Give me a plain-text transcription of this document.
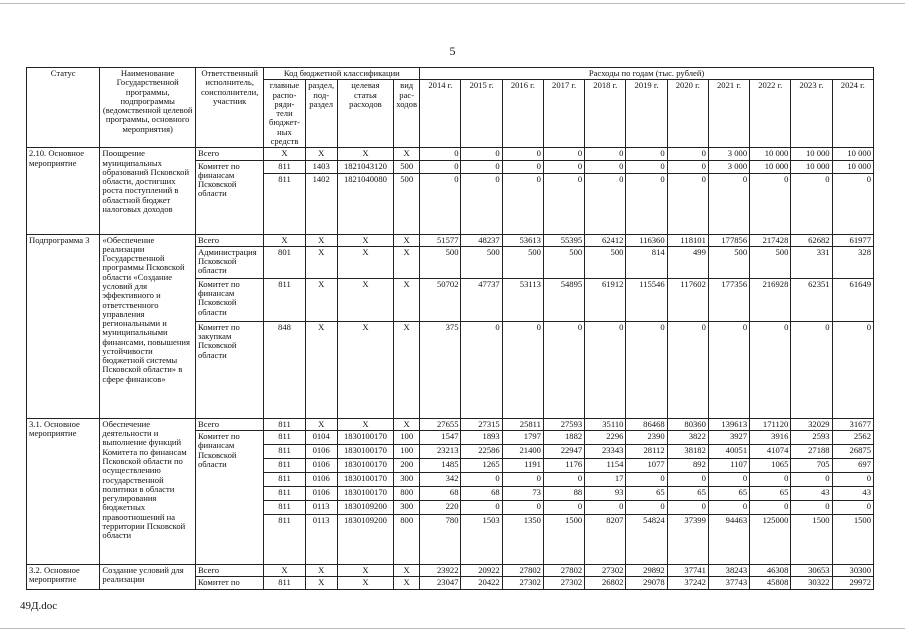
5
Статус	Наименование Государственной программы, подпрограммы (ведомственной целевой программы, основного мероприятия)	Ответственный исполнитель, соисполнители, участник	Код бюджетной классификации				Расходы по годам (тыс. рублей)										
			главные распо-ряди-тели бюджет-ных средств	раздел, под-раздел	целевая статья расходов	вид рас-ходов	2014 г.	2015 г.	2016 г.	2017 г.	2018 г.	2019 г.	2020 г.	2021 г.	2022 г.	2023 г.	2024 г.
2.10. Основное мероприятие	Поощрение муниципальных образований Псковской области, достигших роста поступлений в областной бюджет налоговых доходов	Всего	Х	Х	Х	Х	0	0	0	0	0	0	0	3 000	10 000	10 000	10 000
		Комитет по финансам Псковской области	811	1403	1821043120	500	0	0	0	0	0	0	0	3 000	10 000	10 000	10 000
			811	1402	1821040080	500	0	0	0	0	0	0	0	0	0	0	0
Подпрограмма 3	«Обеспечение реализации Государственной программы Псковской области «Создание условий для эффективного и ответственного управления региональными и муниципальными финансами, повышения устойчивости бюджетной системы Псковской области» в сфере финансов»	Всего	Х	Х	Х	Х	51577	48237	53613	55395	62412	116360	118101	177856	217428	62682	61977
		Администрация Псковской области	801	Х	Х	Х	500	500	500	500	500	814	499	500	500	331	328
		Комитет по финансам Псковской области	811	Х	Х	Х	50702	47737	53113	54895	61912	115546	117602	177356	216928	62351	61649
		Комитет по закупкам Псковской области	848	Х	Х	Х	375	0	0	0	0	0	0	0	0	0	0
3.1. Основное мероприятие	Обеспечение деятельности и выполнение функций Комитета по финансам Псковской области по осуществлению государственной политики в области регулирования бюджетных правоотношений на территории Псковской области	Всего	811	Х	Х	Х	27655	27315	25811	27593	35110	86468	80360	139613	171120	32029	31677
		Комитет по финансам Псковской области	811	0104	1830100170	100	1547	1893	1797	1882	2296	2390	3822	3927	3916	2593	2562
			811	0106	1830100170	100	23213	22586	21400	22947	23343	28112	38182	40051	41074	27188	26875
			811	0106	1830100170	200	1485	1265	1191	1176	1154	1077	892	1107	1065	705	697
			811	0106	1830100170	300	342	0	0	0	17	0	0	0	0	0	0
			811	0106	1830100170	800	68	68	73	88	93	65	65	65	65	43	43
			811	0113	1830109200	300	220	0	0	0	0	0	0	0	0	0	0
			811	0113	1830109200	800	780	1503	1350	1500	8207	54824	37399	94463	125000	1500	1500
3.2. Основное мероприятие	Создание условий для реализации	Всего	Х	Х	Х	Х	23922	20922	27802	27802	27302	29892	37741	38243	46308	30653	30300
		Комитет по	811	Х	Х	Х	23047	20422	27302	27302	26802	29078	37242	37743	45808	30322	29972
49Д.doc
